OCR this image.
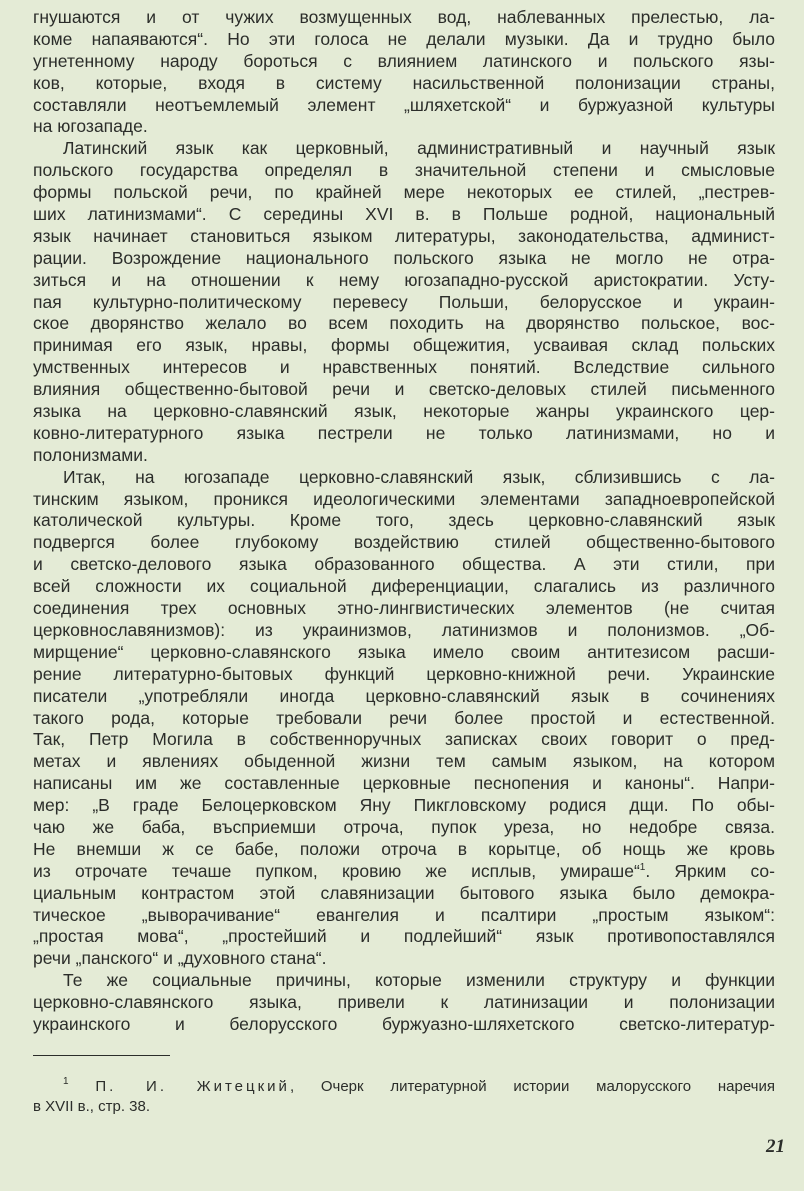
гнушаются и от чужих возмущенных вод, наблеванных прелестью, ла-
коме напаяваются“. Но эти голоса не делали музыки. Да и трудно было
угнетенному народу бороться с влиянием латинского и польского язы-
ков, которые, входя в систему насильственной полонизации страны,
составляли неотъемлемый элемент „шляхетской“ и буржуазной культуры
на югозападе.
Латинский язык как церковный, административный и научный язык
польского государства определял в значительной степени и смысловые
формы польской речи, по крайней мере некоторых ее стилей, „пестрев-
ших латинизмами“. С середины XVI в. в Польше родной, национальный
язык начинает становиться языком литературы, законодательства, админист-
рации. Возрождение национального польского языка не могло не отра-
зиться и на отношении к нему югозападно-русской аристократии. Усту-
пая культурно-политическому перевесу Польши, белорусское и украин-
ское дворянство желало во всем походить на дворянство польское, вос-
принимая его язык, нравы, формы общежития, усваивая склад польских
умственных интересов и нравственных понятий. Вследствие сильного
влияния общественно-бытовой речи и светско-деловых стилей письменного
языка на церковно-славянский язык, некоторые жанры украинского цер-
ковно-литературного языка пестрели не только латинизмами, но и
полонизмами.
Итак, на югозападе церковно-славянский язык, сблизившись с ла-
тинским языком, проникся идеологическими элементами западноевропейской
католической культуры. Кроме того, здесь церковно-славянский язык
подвергся более глубокому воздействию стилей общественно-бытового
и светско-делового языка образованного общества. А эти стили, при
всей сложности их социальной диференциации, слагались из различного
соединения трех основных этно-лингвистических элементов (не считая
церковнославянизмов): из украинизмов, латинизмов и полонизмов. „Об-
мирщение“ церковно-славянского языка имело своим антитезисом расши-
рение литературно-бытовых функций церковно-книжной речи. Украинские
писатели „употребляли иногда церковно-славянский язык в сочинениях
такого рода, которые требовали речи более простой и естественной.
Так, Петр Могила в собственноручных записках своих говорит о пред-
метах и явлениях обыденной жизни тем самым языком, на котором
написаны им же составленные церковные песнопения и каноны“. Напри-
мер: „В граде Белоцерковском Яну Пикгловскому родися дщи. По обы-
чаю же баба, въсприемши отроча, пупок уреза, но недобре связа.
Не внемши ж се бабе, положи отроча в корытце, об нощь же кровь
из отрочате течаше пупком, кровию же исплыв, умираше“$^1$. Ярким со-
циальным контрастом этой славянизации бытового языка было демокра-
тическое „выворачивание“ евангелия и псалтири „простым языком“:
„простая мова“, „простейший и подлейший“ язык противопоставлялся
речи „панского“ и „духовного стана“.
Те же социальные причины, которые изменили структуру и функции
церковно-славянского языка, привели к латинизации и полонизации
украинского и белорусского буржуазно-шляхетского светско-литератур-
$^1$ П. И. Житецкий, Очерк литературной истории малорусского наречия
в XVII в., стр. 38.
21
